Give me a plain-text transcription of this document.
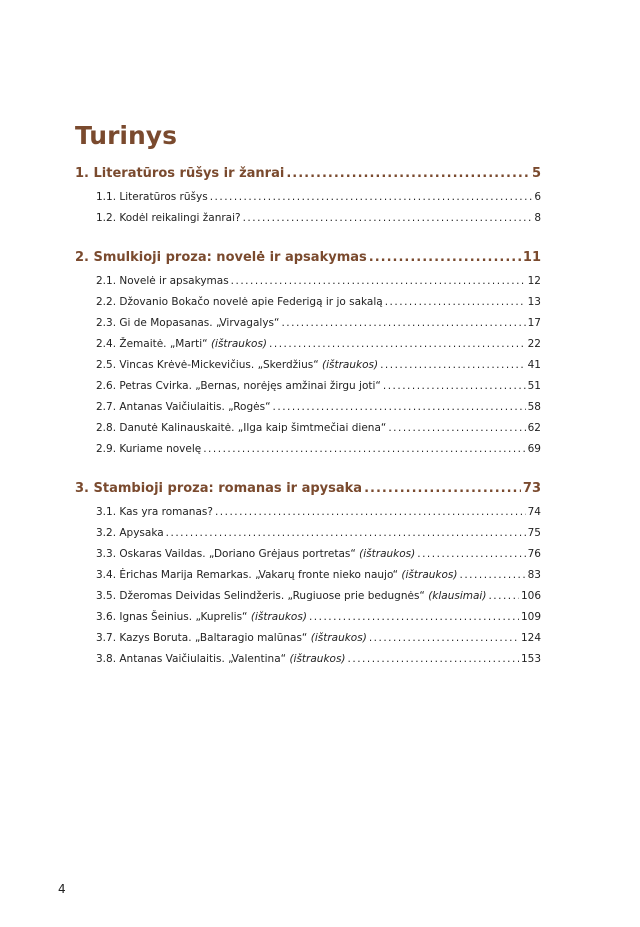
Turinys
1. Literatūros rūšys ir žanrai .....	5
1.1. Literatūros rūšys .....	6
1.2. Kodėl reikalingi žanrai? .....	8
2. Smulkioji proza: novelė ir apsakymas .....	11
2.1. Novelė ir apsakymas .....	12
2.2. Džovanio Bokačo novelė apie Federigą ir jo sakalą .....	13
2.3. Gi de Mopasanas. „Virvagalys“ .....	17
2.4. Žemaitė. „Marti“ (ištraukos) .....	22
2.5. Vincas Krėvė-Mickevičius. „Skerdžius“ (ištraukos) .....	41
2.6. Petras Cvirka. „Bernas, norėjęs amžinai žirgu joti“ .....	51
2.7. Antanas Vaičiulaitis. „Rogės“ .....	58
2.8. Danutė Kalinauskaitė. „Ilga kaip šimtmečiai diena“ .....	62
2.9. Kuriame novelę .....	69
3. Stambioji proza: romanas ir apysaka .....	73
3.1. Kas yra romanas? .....	74
3.2. Apysaka .....	75
3.3. Oskaras Vaildas. „Doriano Grėjaus portretas“ (ištraukos) .....	76
3.4. Ėrichas Marija Remarkas. „Vakarų fronte nieko naujo“ (ištraukos) .....	83
3.5. Džeromas Deividas Selindžeris. „Rugiuose prie bedugnės“ (klausimai) .....	106
3.6. Ignas Šeinius. „Kuprelis“ (ištraukos) .....	109
3.7. Kazys Boruta. „Baltaragio malūnas“ (ištraukos) .....	124
3.8. Antanas Vaičiulaitis. „Valentina“ (ištraukos) .....	153
4
